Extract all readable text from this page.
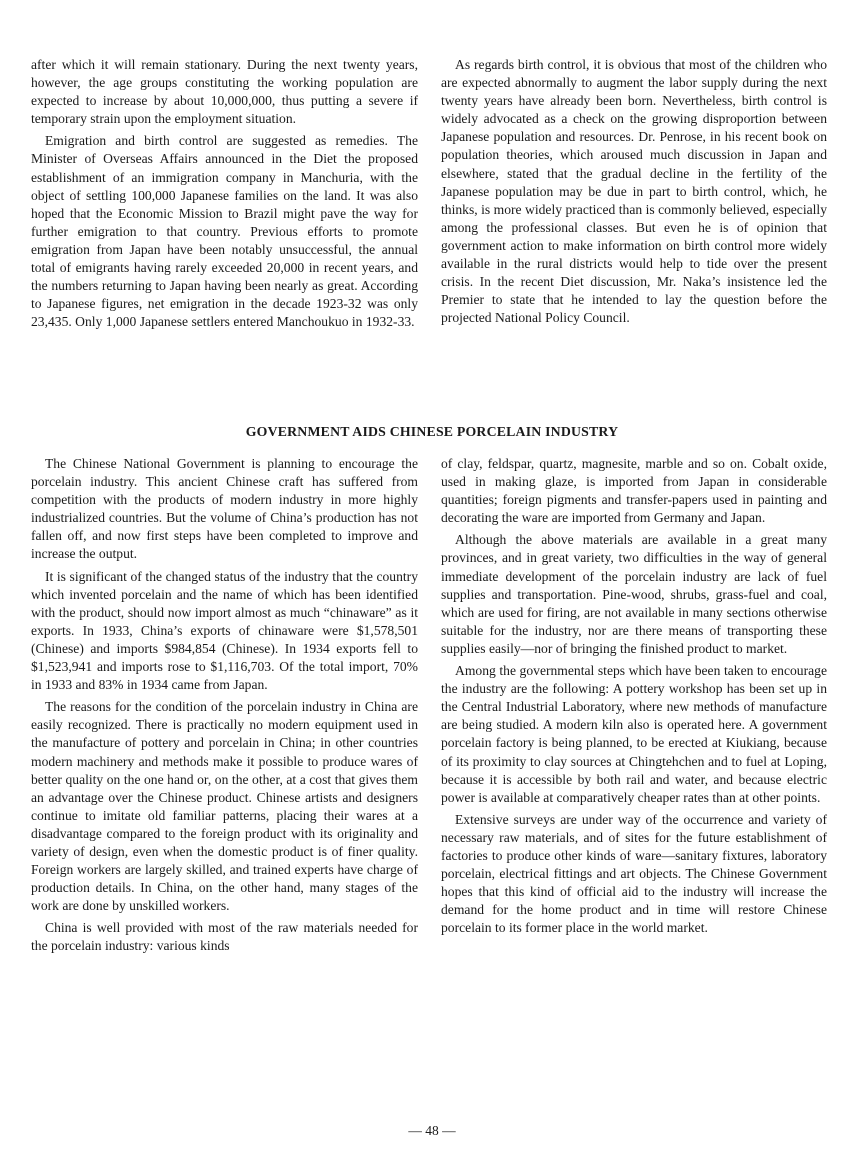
after which it will remain stationary. During the next twenty years, however, the age groups constituting the working population are expected to increase by about 10,000,000, thus putting a severe if temporary strain upon the employment situation.

Emigration and birth control are suggested as remedies. The Minister of Overseas Affairs announced in the Diet the proposed establishment of an immigration company in Manchuria, with the object of settling 100,000 Japanese families on the land. It was also hoped that the Economic Mission to Brazil might pave the way for further emigration to that country. Previous efforts to promote emigration from Japan have been notably unsuccessful, the annual total of emigrants having rarely exceeded 20,000 in recent years, and the numbers returning to Japan having been nearly as great. According to Japanese figures, net emigration in the decade 1923-32 was only 23,435. Only 1,000 Japanese settlers entered Manchoukuo in 1932-33.

As regards birth control, it is obvious that most of the children who are expected abnormally to augment the labor supply during the next twenty years have already been born. Nevertheless, birth control is widely advocated as a check on the growing disproportion between Japanese population and resources. Dr. Penrose, in his recent book on population theories, which aroused much discussion in Japan and elsewhere, stated that the gradual decline in the fertility of the Japanese population may be due in part to birth control, which, he thinks, is more widely practiced than is commonly believed, especially among the professional classes. But even he is of opinion that government action to make information on birth control more widely available in the rural districts would help to tide over the present crisis. In the recent Diet discussion, Mr. Naka’s insistence led the Premier to state that he intended to lay the question before the projected National Policy Council.

GOVERNMENT AIDS CHINESE PORCELAIN INDUSTRY

The Chinese National Government is planning to encourage the porcelain industry. This ancient Chinese craft has suffered from competition with the products of modern industry in more highly industrialized countries. But the volume of China’s production has not fallen off, and now first steps have been completed to improve and increase the output.

It is significant of the changed status of the industry that the country which invented porcelain and the name of which has been identified with the product, should now import almost as much “chinaware” as it exports. In 1933, China’s exports of chinaware were $1,578,501 (Chinese) and imports $984,854 (Chinese). In 1934 exports fell to $1,523,941 and imports rose to $1,116,703. Of the total import, 70% in 1933 and 83% in 1934 came from Japan.

The reasons for the condition of the porcelain industry in China are easily recognized. There is practically no modern equipment used in the manufacture of pottery and porcelain in China; in other countries modern machinery and methods make it possible to produce wares of better quality on the one hand or, on the other, at a cost that gives them an advantage over the Chinese product. Chinese artists and designers continue to imitate old familiar patterns, placing their wares at a disadvantage compared to the foreign product with its originality and variety of design, even when the domestic product is of finer quality. Foreign workers are largely skilled, and trained experts have charge of production details. In China, on the other hand, many stages of the work are done by unskilled workers.

China is well provided with most of the raw materials needed for the porcelain industry: various kinds

of clay, feldspar, quartz, magnesite, marble and so on. Cobalt oxide, used in making glaze, is imported from Japan in considerable quantities; foreign pigments and transfer-papers used in painting and decorating the ware are imported from Germany and Japan.

Although the above materials are available in a great many provinces, and in great variety, two difficulties in the way of general immediate development of the porcelain industry are lack of fuel supplies and transportation. Pine-wood, shrubs, grass-fuel and coal, which are used for firing, are not available in many sections otherwise suitable for the industry, nor are there means of transporting these supplies easily—nor of bringing the finished product to market.

Among the governmental steps which have been taken to encourage the industry are the following: A pottery workshop has been set up in the Central Industrial Laboratory, where new methods of manufacture are being studied. A modern kiln also is operated here. A government porcelain factory is being planned, to be erected at Kiukiang, because of its proximity to clay sources at Chingtehchen and to fuel at Loping, because it is accessible by both rail and water, and because electric power is available at comparatively cheaper rates than at other points.

Extensive surveys are under way of the occurrence and variety of necessary raw materials, and of sites for the future establishment of factories to produce other kinds of ware—sanitary fixtures, laboratory porcelain, electrical fittings and art objects. The Chinese Government hopes that this kind of official aid to the industry will increase the demand for the home product and in time will restore Chinese porcelain to its former place in the world market.

— 48 —
